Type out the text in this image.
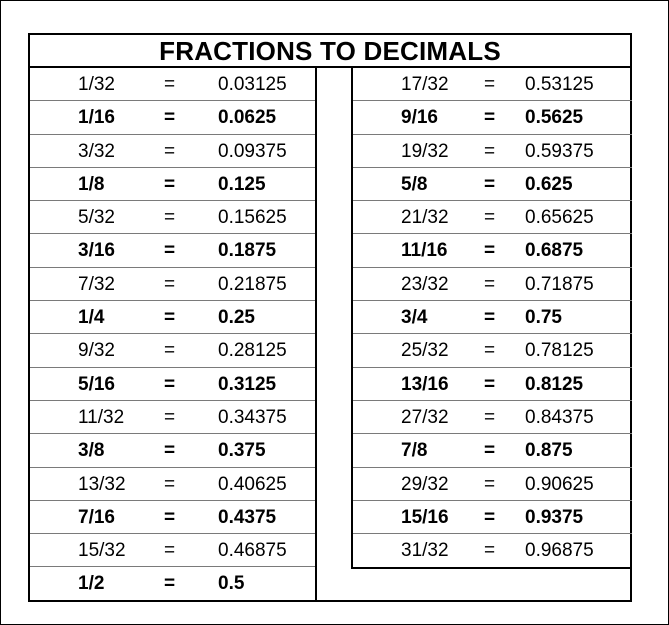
FRACTIONS TO DECIMALS
1/32	= 0.03125
1/16	= 0.0625
3/32	= 0.09375
1/8	= 0.125
5/32	= 0.15625
3/16	= 0.1875
7/32	= 0.21875
1/4	= 0.25
9/32	= 0.28125
5/16	= 0.3125
11/32 = 0.34375
3/8	= 0.375
13/32 = 0.40625
7/16	= 0.4375
15/32 = 0.46875
1/2	= 0.5
17/32 = 0.53125
9/16 = 0.5625
19/32 = 0.59375
5/8	= 0.625
21/32 = 0.65625
11/16 = 0.6875
23/32 = 0.71875
3/4	= 0.75
25/32 = 0.78125
13/16 = 0.8125
27/32 = 0.84375
7/8	= 0.875
29/32 = 0.90625
15/16 = 0.9375
31/32 = 0.96875
